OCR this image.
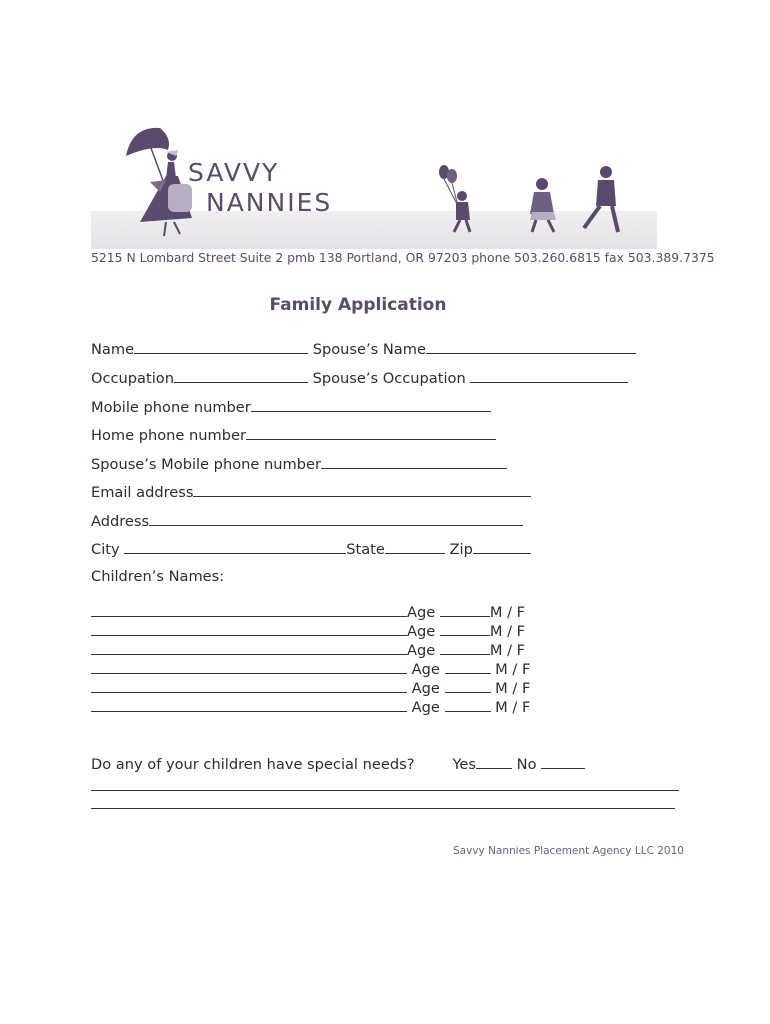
SAVVY
NANNIES
5215 N Lombard Street Suite 2 pmb 138 Portland, OR 97203 phone 503.260.6815 fax 503.389.7375
Family Application
Name	Spouse’s Name
Occupation	Spouse’s Occupation
Mobile phone number
Home phone number
Spouse’s Mobile phone number
Email address
Address
City	State	Zip
Children’s Names:
Age	M / F
Age	M / F
Age	M / F
Age	M / F
Age	M / F
Age	M / F
Do any of your children have special needs?	Yes	No
Savvy Nannies Placement Agency LLC 2010
